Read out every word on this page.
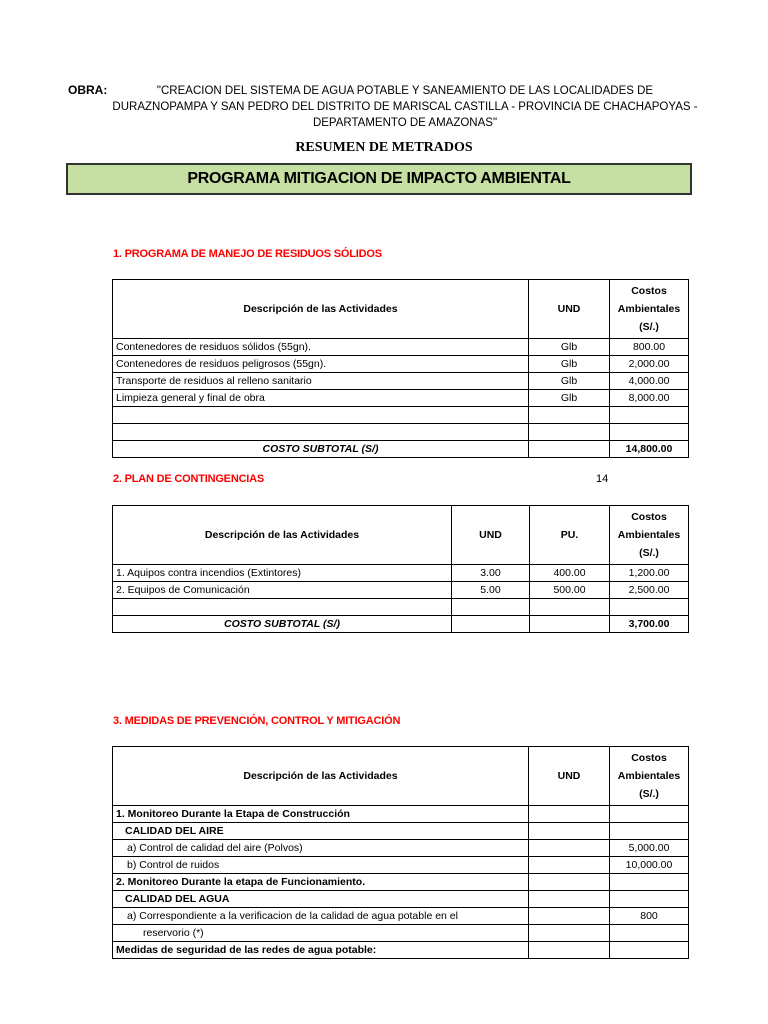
OBRA:	"CREACION DEL SISTEMA DE AGUA POTABLE Y SANEAMIENTO DE LAS LOCALIDADES DE
DURAZNOPAMPA Y SAN PEDRO DEL DISTRITO DE MARISCAL CASTILLA - PROVINCIA DE CHACHAPOYAS -
DEPARTAMENTO DE AMAZONAS"
RESUMEN DE METRADOS
PROGRAMA MITIGACION DE IMPACTO AMBIENTAL
1. PROGRAMA DE MANEJO DE RESIDUOS SÓLIDOS
Descripción de las Actividades	UND	Costos
Ambientales
(S/.)

Contenedores de residuos sólidos (55gn).	Glb	800.00
Contenedores de residuos peligrosos (55gn).	Glb	2,000.00
Transporte de residuos al relleno sanitario	Glb	4,000.00
Limpieza general y final de obra	Glb	8,000.00

COSTO SUBTOTAL (S/)		14,800.00
2. PLAN DE CONTINGENCIAS	14
Descripción de las Actividades	UND	PU.	Costos
Ambientales
(S/.)

1. Aquipos contra incendios (Extintores)	3.00	400.00	1,200.00
2. Equipos de Comunicación	5.00	500.00	2,500.00

COSTO SUBTOTAL (S/)			3,700.00
3. MEDIDAS DE PREVENCIÓN, CONTROL Y MITIGACIÓN
Descripción de las Actividades	UND	Costos
Ambientales
(S/.)

1. Monitoreo Durante la Etapa de Construcción		
CALIDAD DEL AIRE		
a) Control de calidad del aire (Polvos)		5,000.00
b) Control de ruidos		10,000.00
2. Monitoreo Durante la etapa de Funcionamiento.		
CALIDAD DEL AGUA		
a) Correspondiente a la verificacion de la calidad de agua potable en el		800
reservorio (*)		
Medidas de seguridad de las redes de agua potable:		
